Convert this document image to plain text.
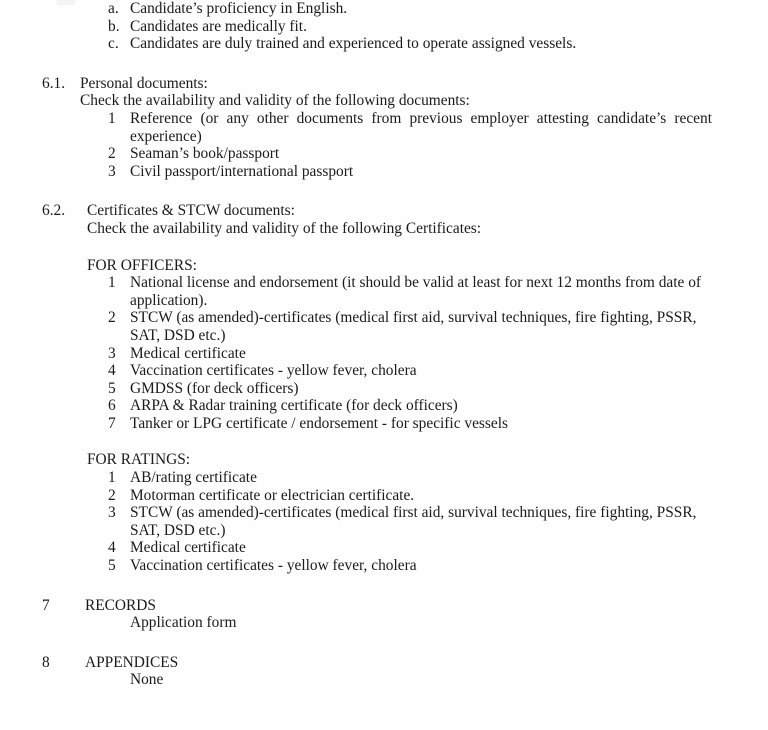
a. Candidate’s proficiency in English.
b. Candidates are medically fit.
c. Candidates are duly trained and experienced to operate assigned vessels.
6.1. Personal documents:
Check the availability and validity of the following documents:
1 Reference (or any other documents from previous employer attesting candidate’s recent experience)
2 Seaman’s book/passport
3 Civil passport/international passport
6.2.	Certificates & STCW documents:
Check the availability and validity of the following Certificates:
FOR OFFICERS:
1 National license and endorsement (it should be valid at least for next 12 months from date of application).
2 STCW (as amended)-certificates (medical first aid, survival techniques, fire fighting, PSSR, SAT, DSD etc.)
3 Medical certificate
4 Vaccination certificates - yellow fever, cholera
5 GMDSS (for deck officers)
6 ARPA & Radar training certificate (for deck officers)
7 Tanker or LPG certificate / endorsement - for specific vessels
FOR RATINGS:
1 AB/rating certificate
2 Motorman certificate or electrician certificate.
3 STCW (as amended)-certificates (medical first aid, survival techniques, fire fighting, PSSR, SAT, DSD etc.)
4 Medical certificate
5 Vaccination certificates - yellow fever, cholera
7	RECORDS
Application form
8	APPENDICES
None
